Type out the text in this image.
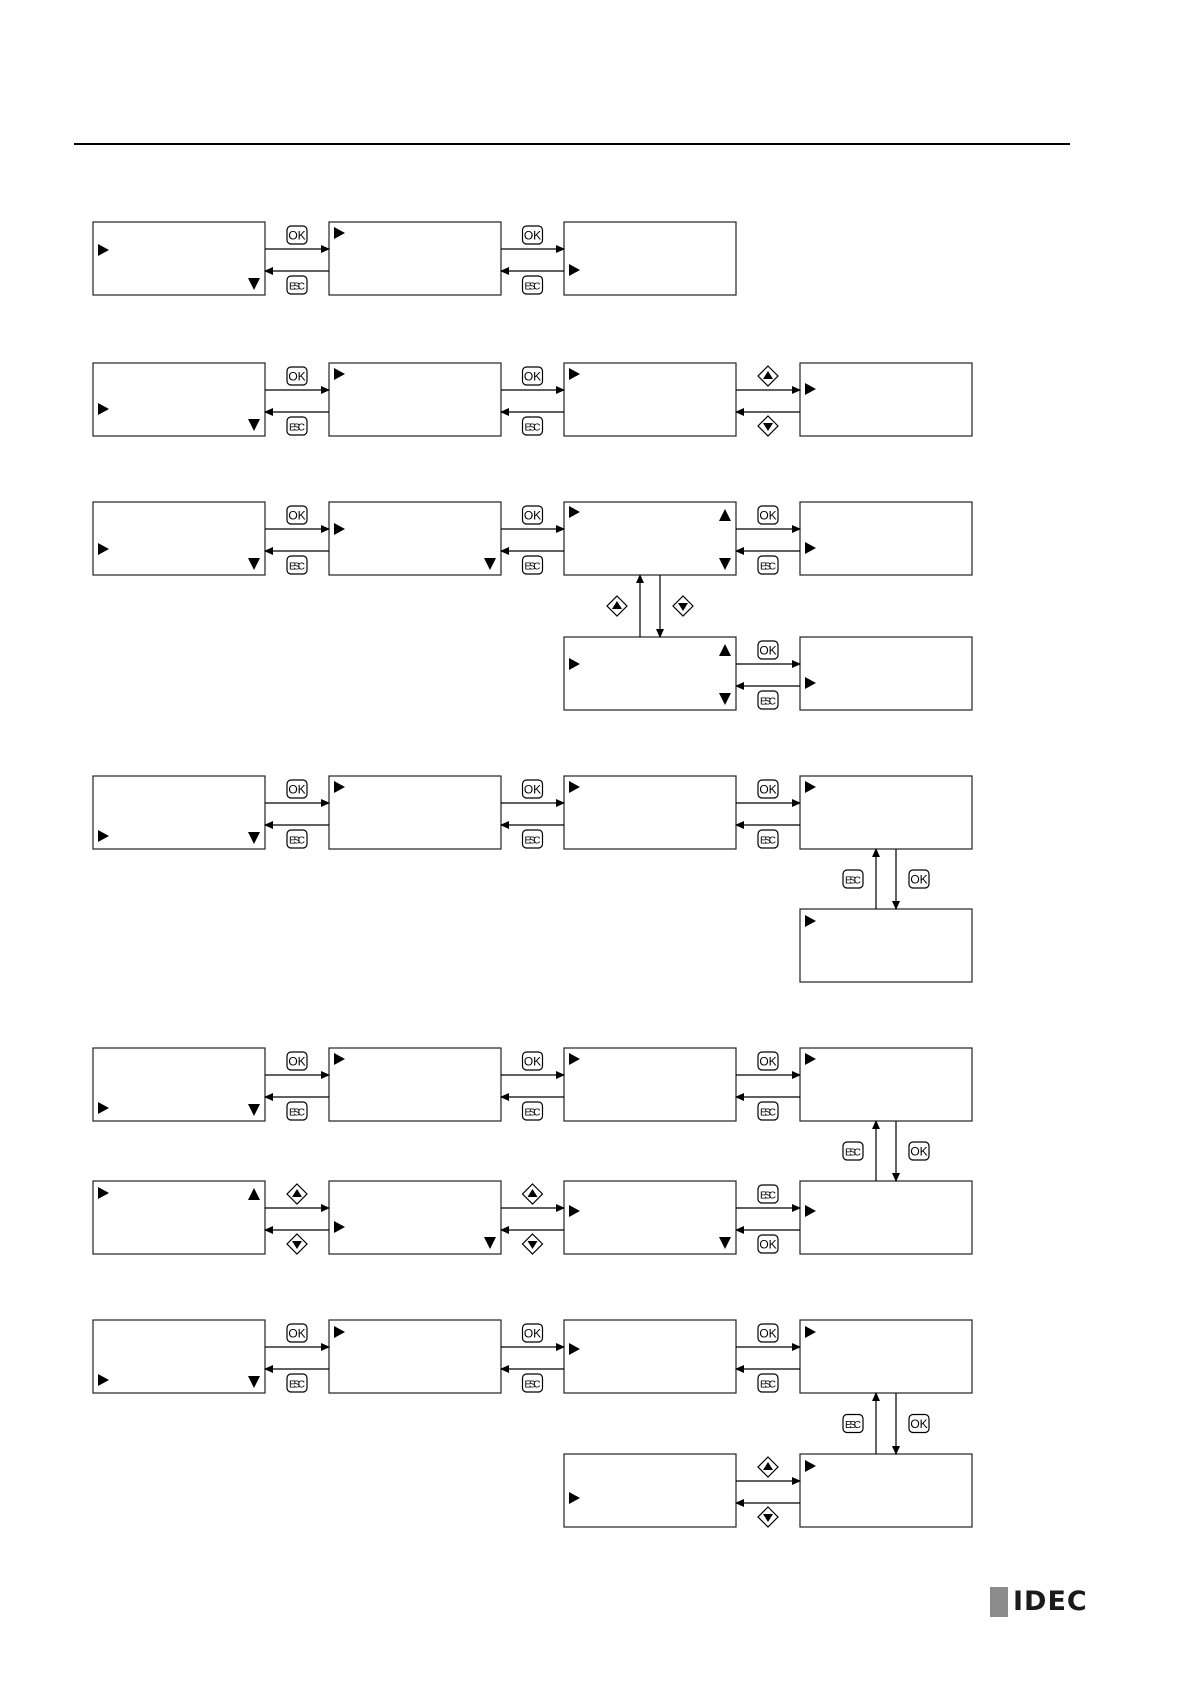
OK
ESC
OK
ESC
OK
ESC
OK
ESC
OK
ESC
OK
ESC
OK
ESC
OK
ESC
OK
ESC
OK
ESC
OK
ESC
ESC	OK
OK
ESC
OK
ESC
OK
ESC
ESC
OK
ESC	OK
OK
ESC
OK
ESC
OK
ESC
ESC	OK
IDEC
